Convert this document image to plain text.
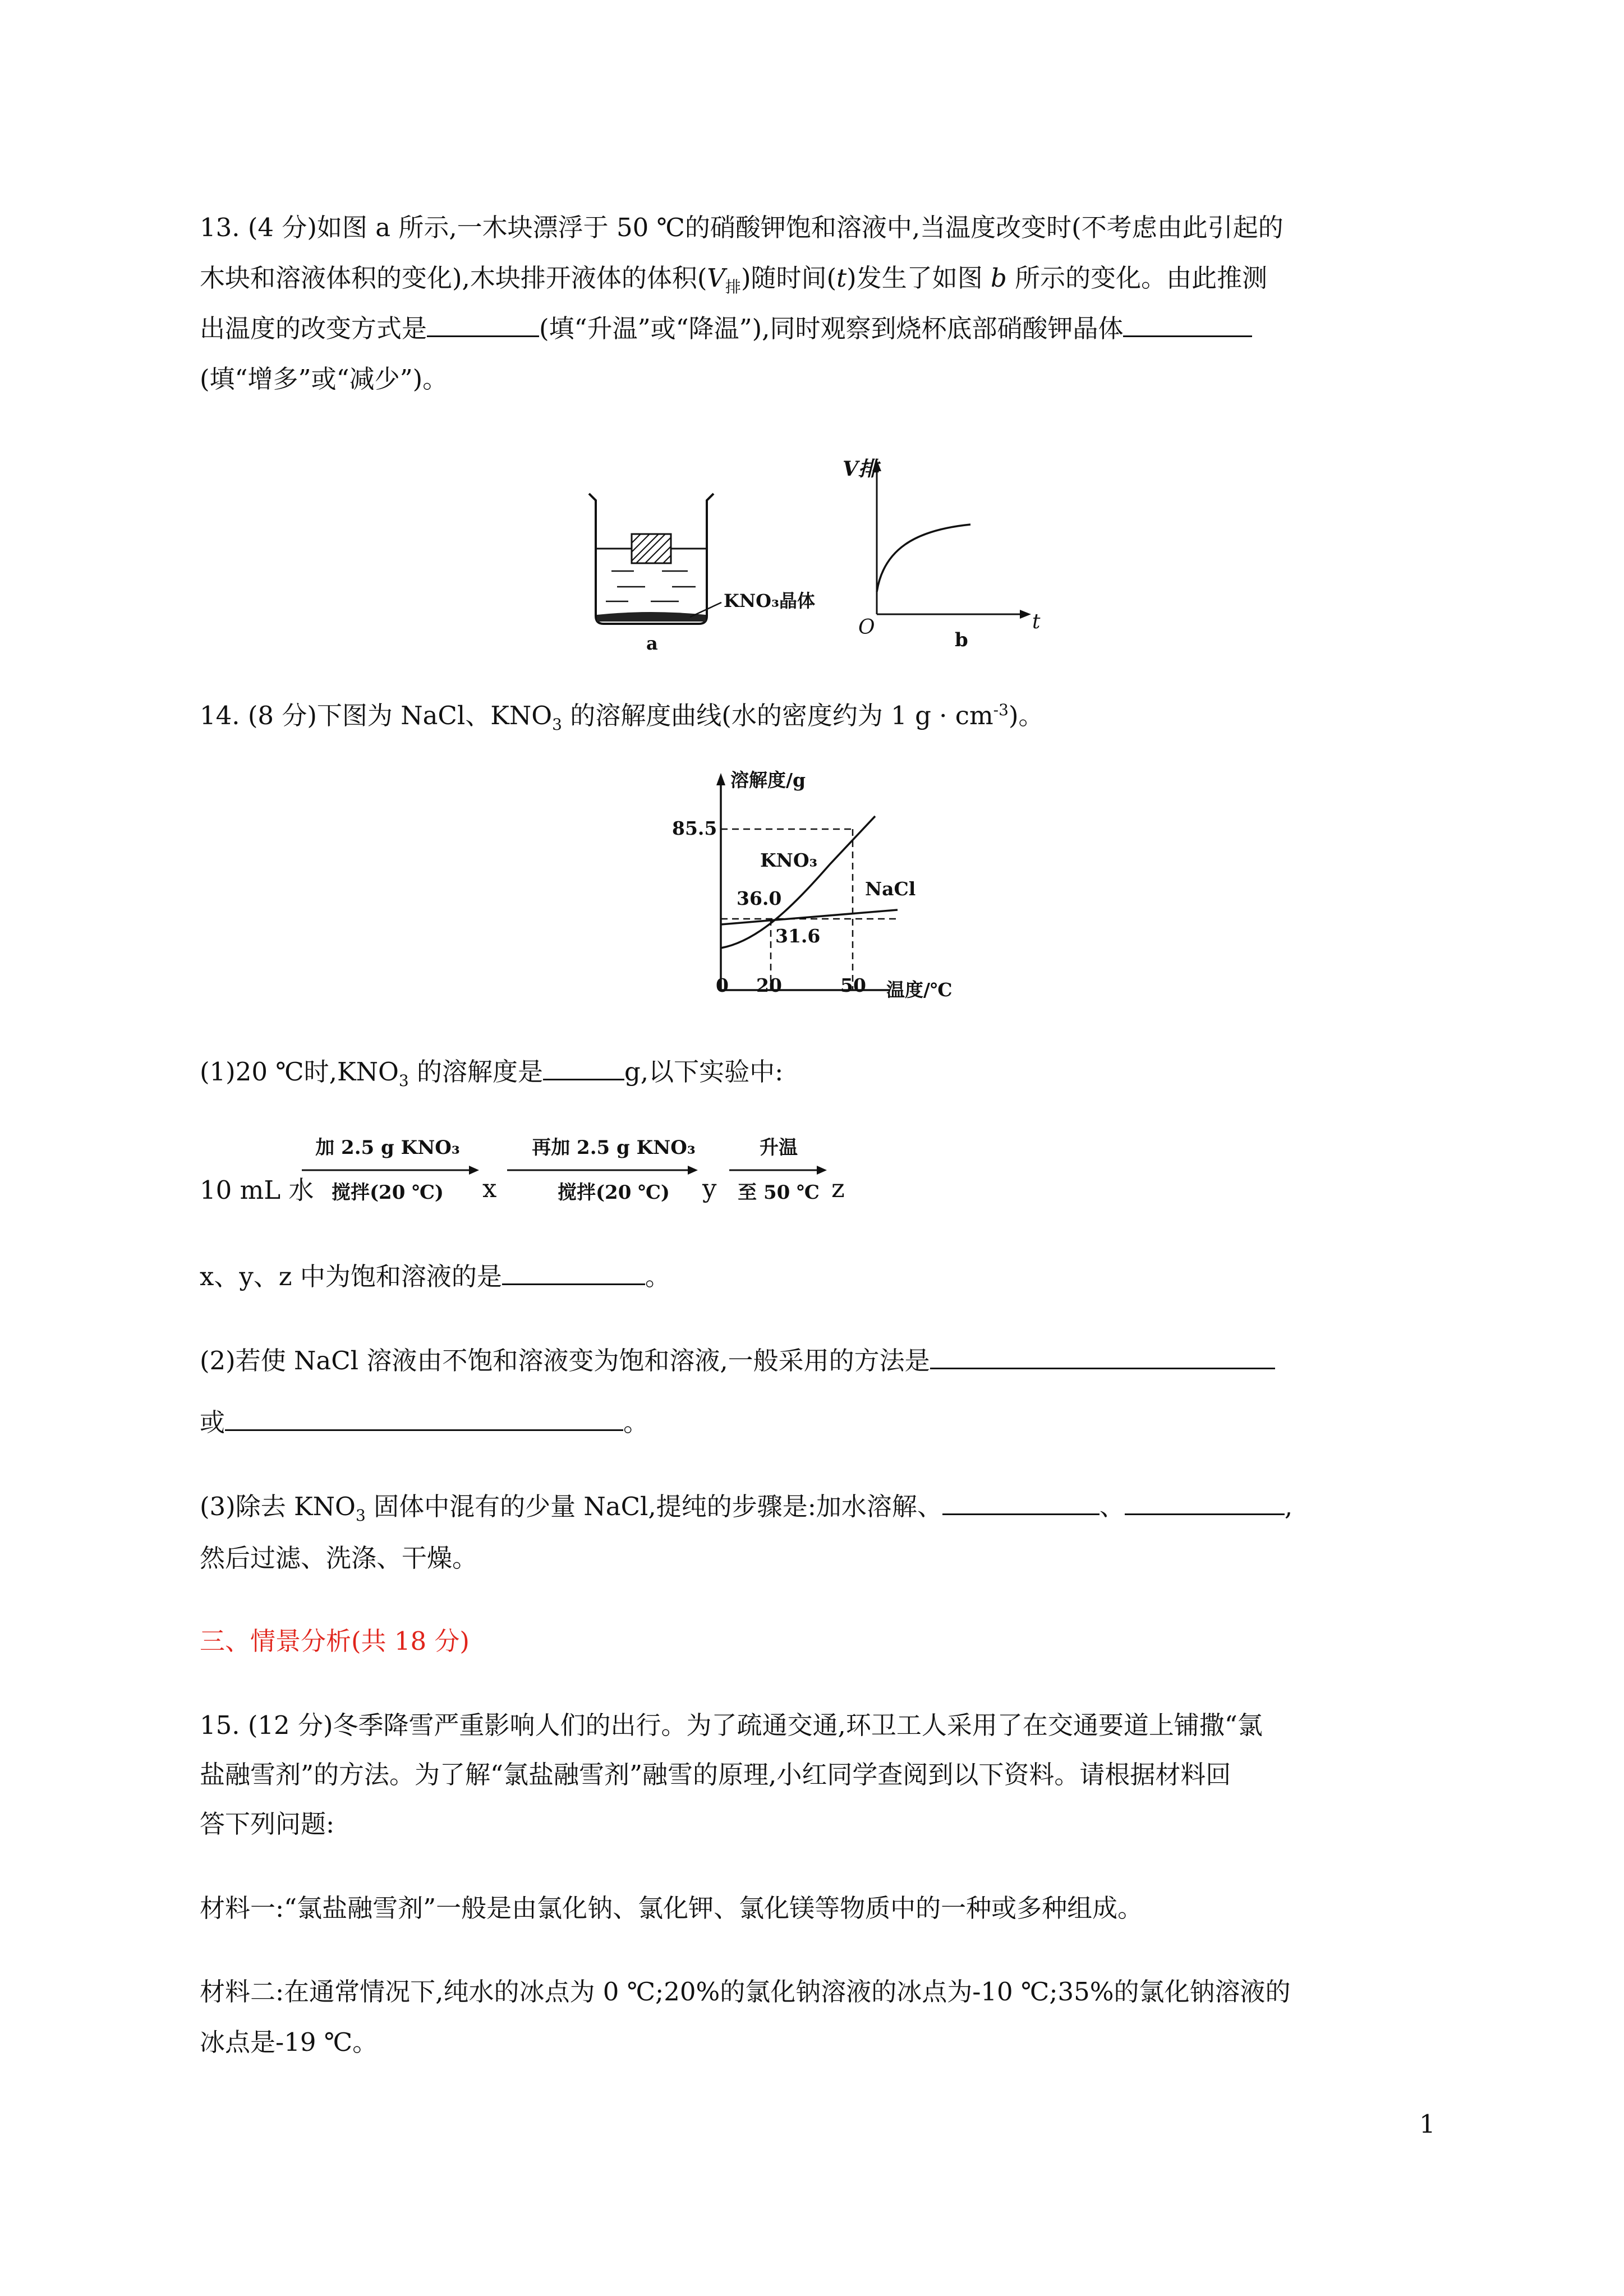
13. (4 分)如图 a 所示,一木块漂浮于 50 ℃的硝酸钾饱和溶液中,当温度改变时(不考虑由此引起的
木块和溶液体积的变化),木块排开液体的体积$(V_排)$随时间(t)发生了如图 b 所示的变化。由此推测
出温度的改变方式是	(填“升温”或“降温”),同时观察到烧杯底部硝酸钾晶体
(填“增多”或“减少”)。
KNO₃晶体
a
V排
O	t
b
14. (8 分)下图为 NaCl、$KNO_3$ 的溶解度曲线(水的密度约为 1 $g \cdot cm^{-3}$)。
溶解度/g
温度/℃
0 20	50
85.5
36.0
31.6
KNO₃
NaCl
(1)20 ℃时$,KNO_3$ 的溶解度是	g,以下实验中:
10 mL 水
加 2.5 g KNO₃
搅拌(20 ℃)	x
再加 2.5 g KNO₃
搅拌(20 ℃)	y
升温
至 50 ℃ z
x、y、z 中为饱和溶液的是	。
(2)若使 NaCl 溶液由不饱和溶液变为饱和溶液,一般采用的方法是
或	。
(3)除去 $KNO_3$ 固体中混有的少量 NaCl,提纯的步骤是:加水溶解、	、	,
然后过滤、洗涤、干燥。
三、情景分析(共 18 分)
15. (12 分)冬季降雪严重影响人们的出行。为了疏通交通,环卫工人采用了在交通要道上铺撒“氯
盐融雪剂”的方法。为了解“氯盐融雪剂”融雪的原理,小红同学查阅到以下资料。请根据材料回
答下列问题:
材料一:“氯盐融雪剂”一般是由氯化钠、氯化钾、氯化镁等物质中的一种或多种组成。
材料二:在通常情况下,纯水的冰点为 0 ℃;20%的氯化钠溶液的冰点为-10 ℃;35%的氯化钠溶液的
冰点是-19 ℃。
1
